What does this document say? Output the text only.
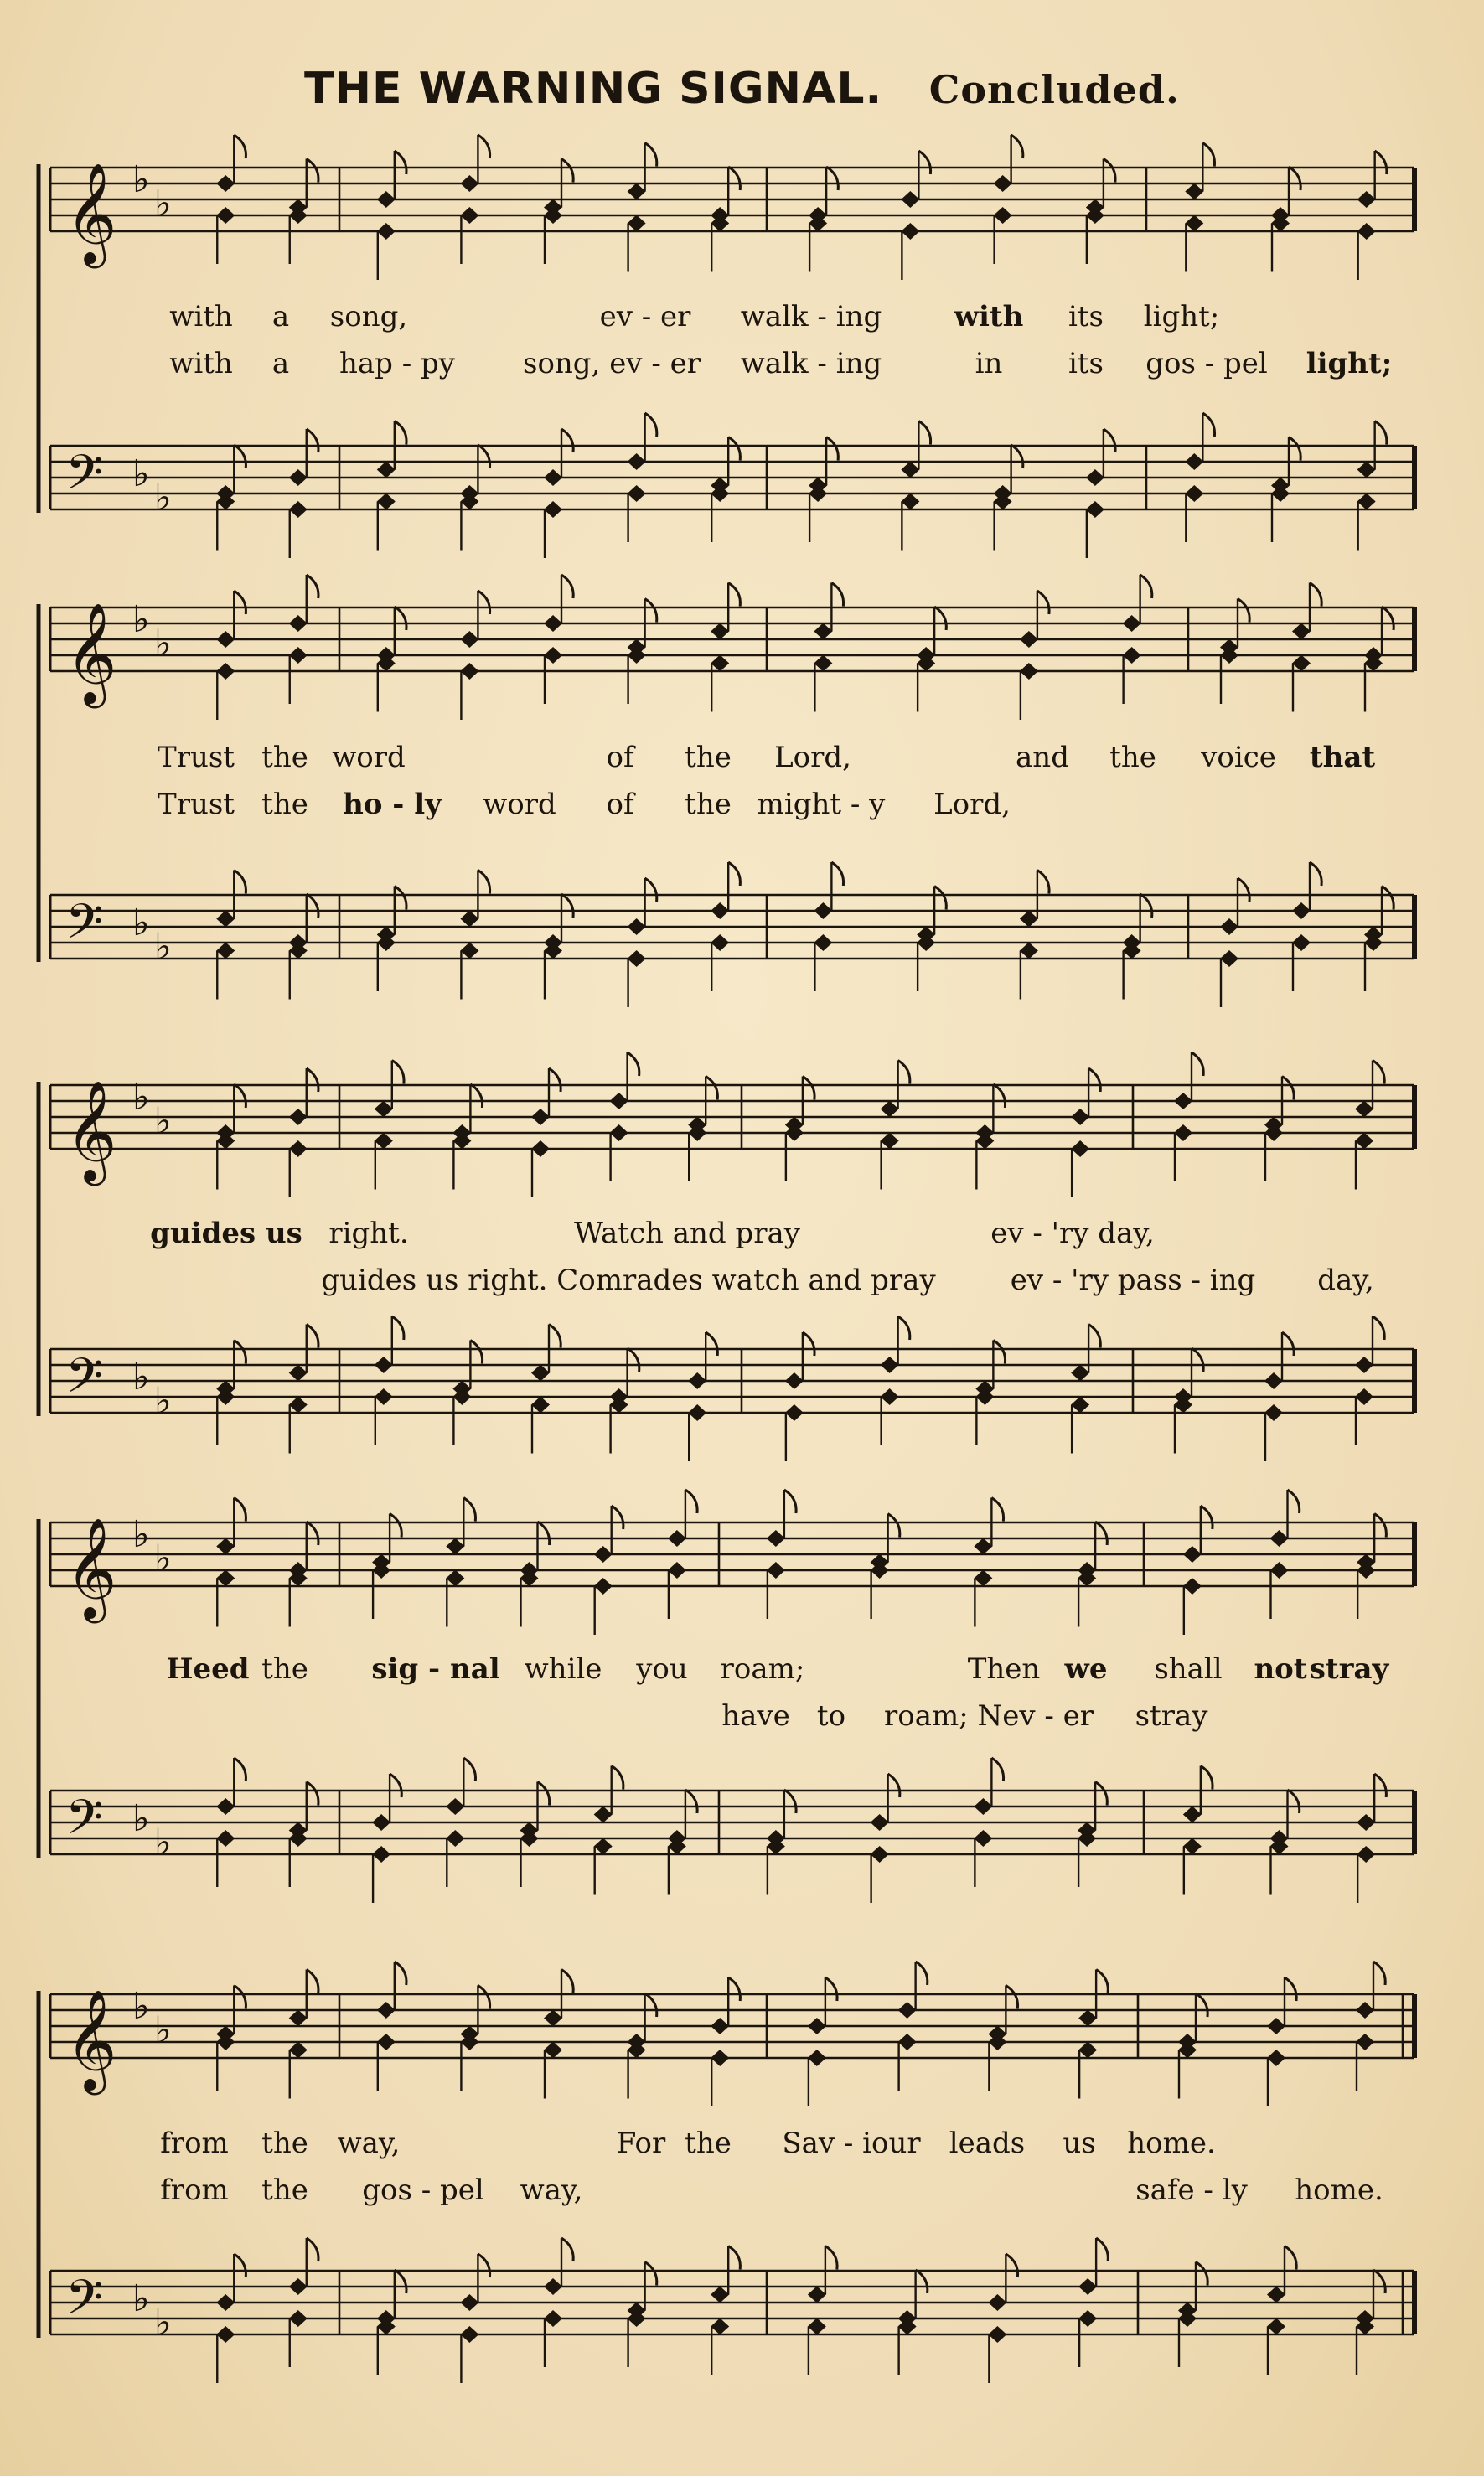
THE WARNING SIGNAL. Concluded.
𝄞 ♭
♭
𝄢 ♭
♭
𝄞 ♭
♭
𝄢 ♭
♭
𝄞 ♭
♭
𝄢 ♭
♭
𝄞 ♭
♭
𝄢 ♭
♭
𝄞 ♭
♭
𝄢 ♭
♭
with a song,	ev - er walk - ing	with its light;
with a hap - py song, ev - er walk - ing	in its gos - pel light;
Trust the word	of the Lord,	and the voice that
Trust the ho - ly word of the might - y Lord,
guides us right.	Watch and pray	ev - 'ry day,
guides us right. Comrades watch and pray	ev - 'ry pass - ing day,
Heed the sig - nal while you roam;	Then we shall not stray
have to roam; Nev - er stray
from the way,	For the Sav - iour leads us home.
from the gos - pel way,	safe - ly home.
